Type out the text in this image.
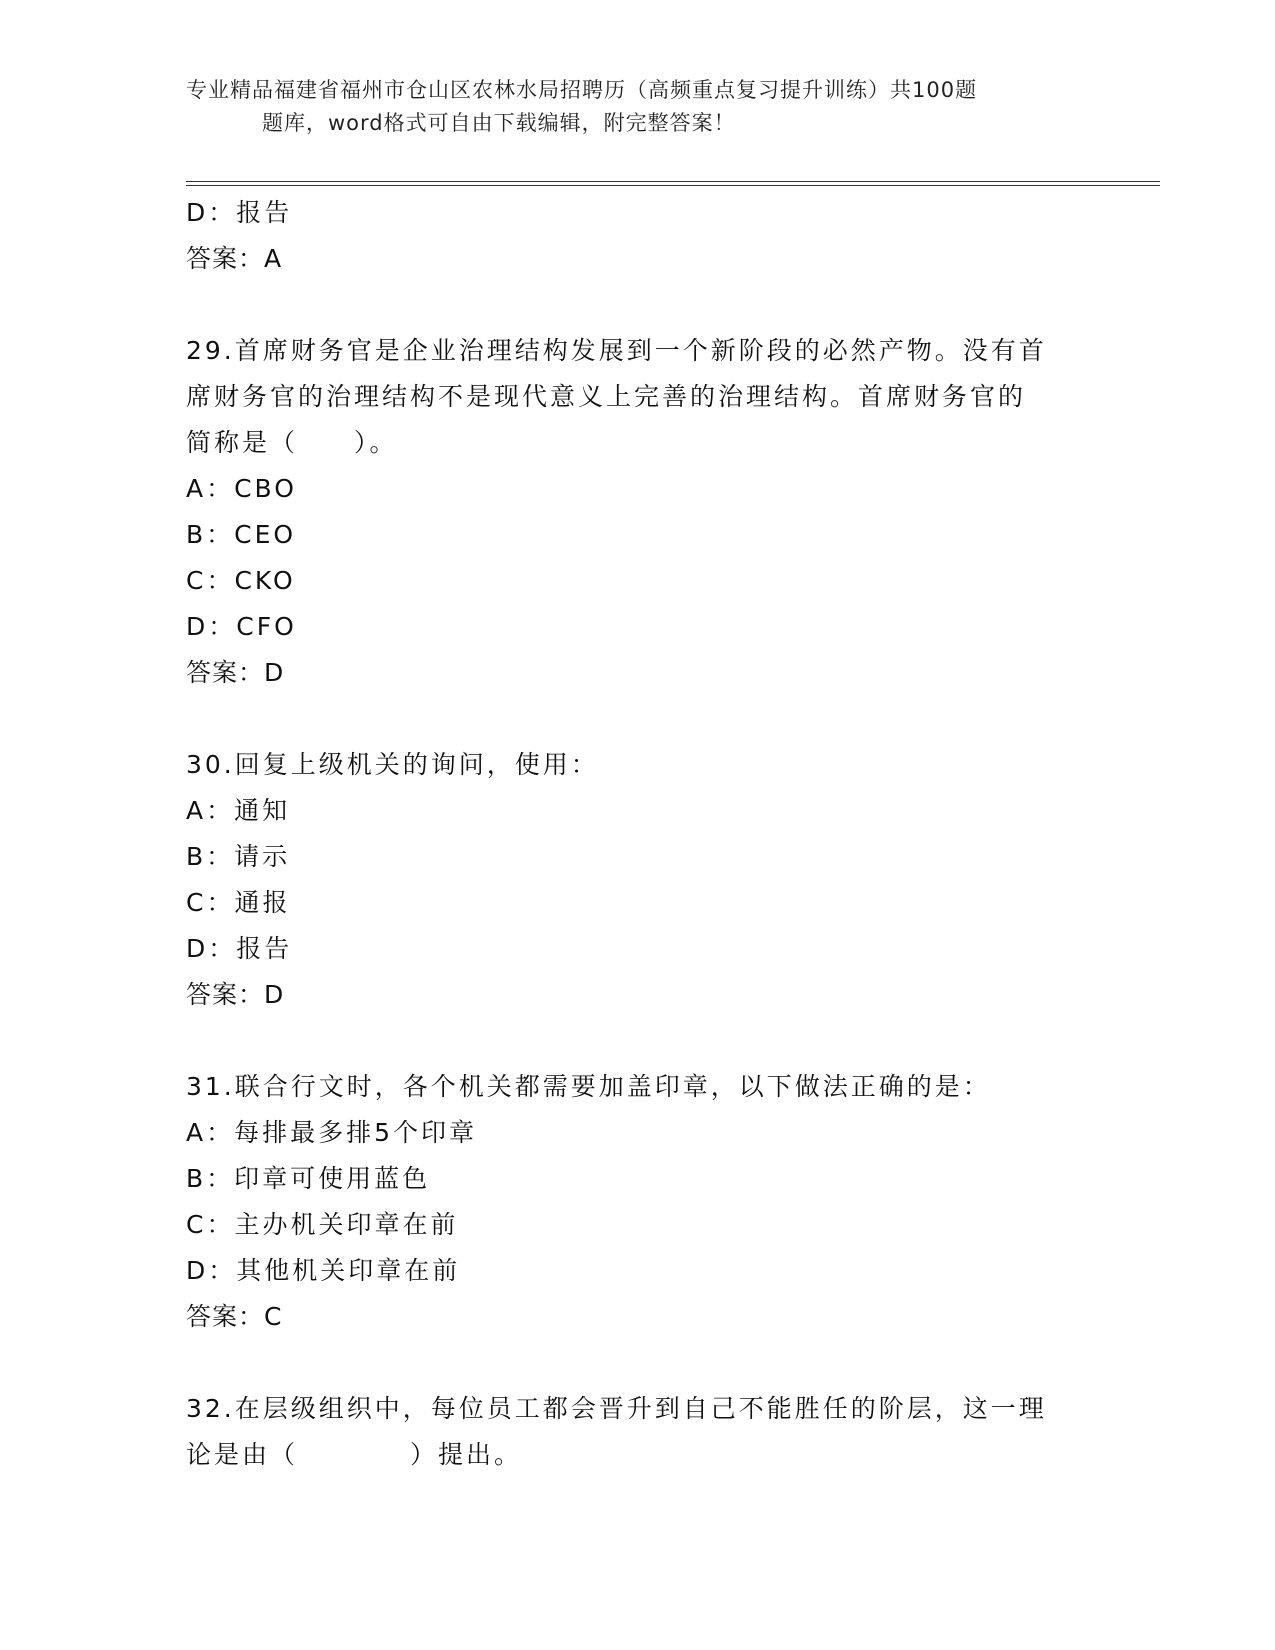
专业精品福建省福州市仓山区农林水局招聘历（高频重点复习提升训练）共100题
题库，word格式可自由下载编辑，附完整答案！
D：报告
答案：A
29.首席财务官是企业治理结构发展到一个新阶段的必然产物。没有首
席财务官的治理结构不是现代意义上完善的治理结构。首席财务官的
简称是（　　）。
A：CBO
B：CEO
C：CKO
D：CFO
答案：D
30.回复上级机关的询问，使用：
A：通知
B：请示
C：通报
D：报告
答案：D
31.联合行文时，各个机关都需要加盖印章，以下做法正确的是：
A：每排最多排5个印章
B：印章可使用蓝色
C：主办机关印章在前
D：其他机关印章在前
答案：C
32.在层级组织中，每位员工都会晋升到自己不能胜任的阶层，这一理
论是由（　　　　）提出。
